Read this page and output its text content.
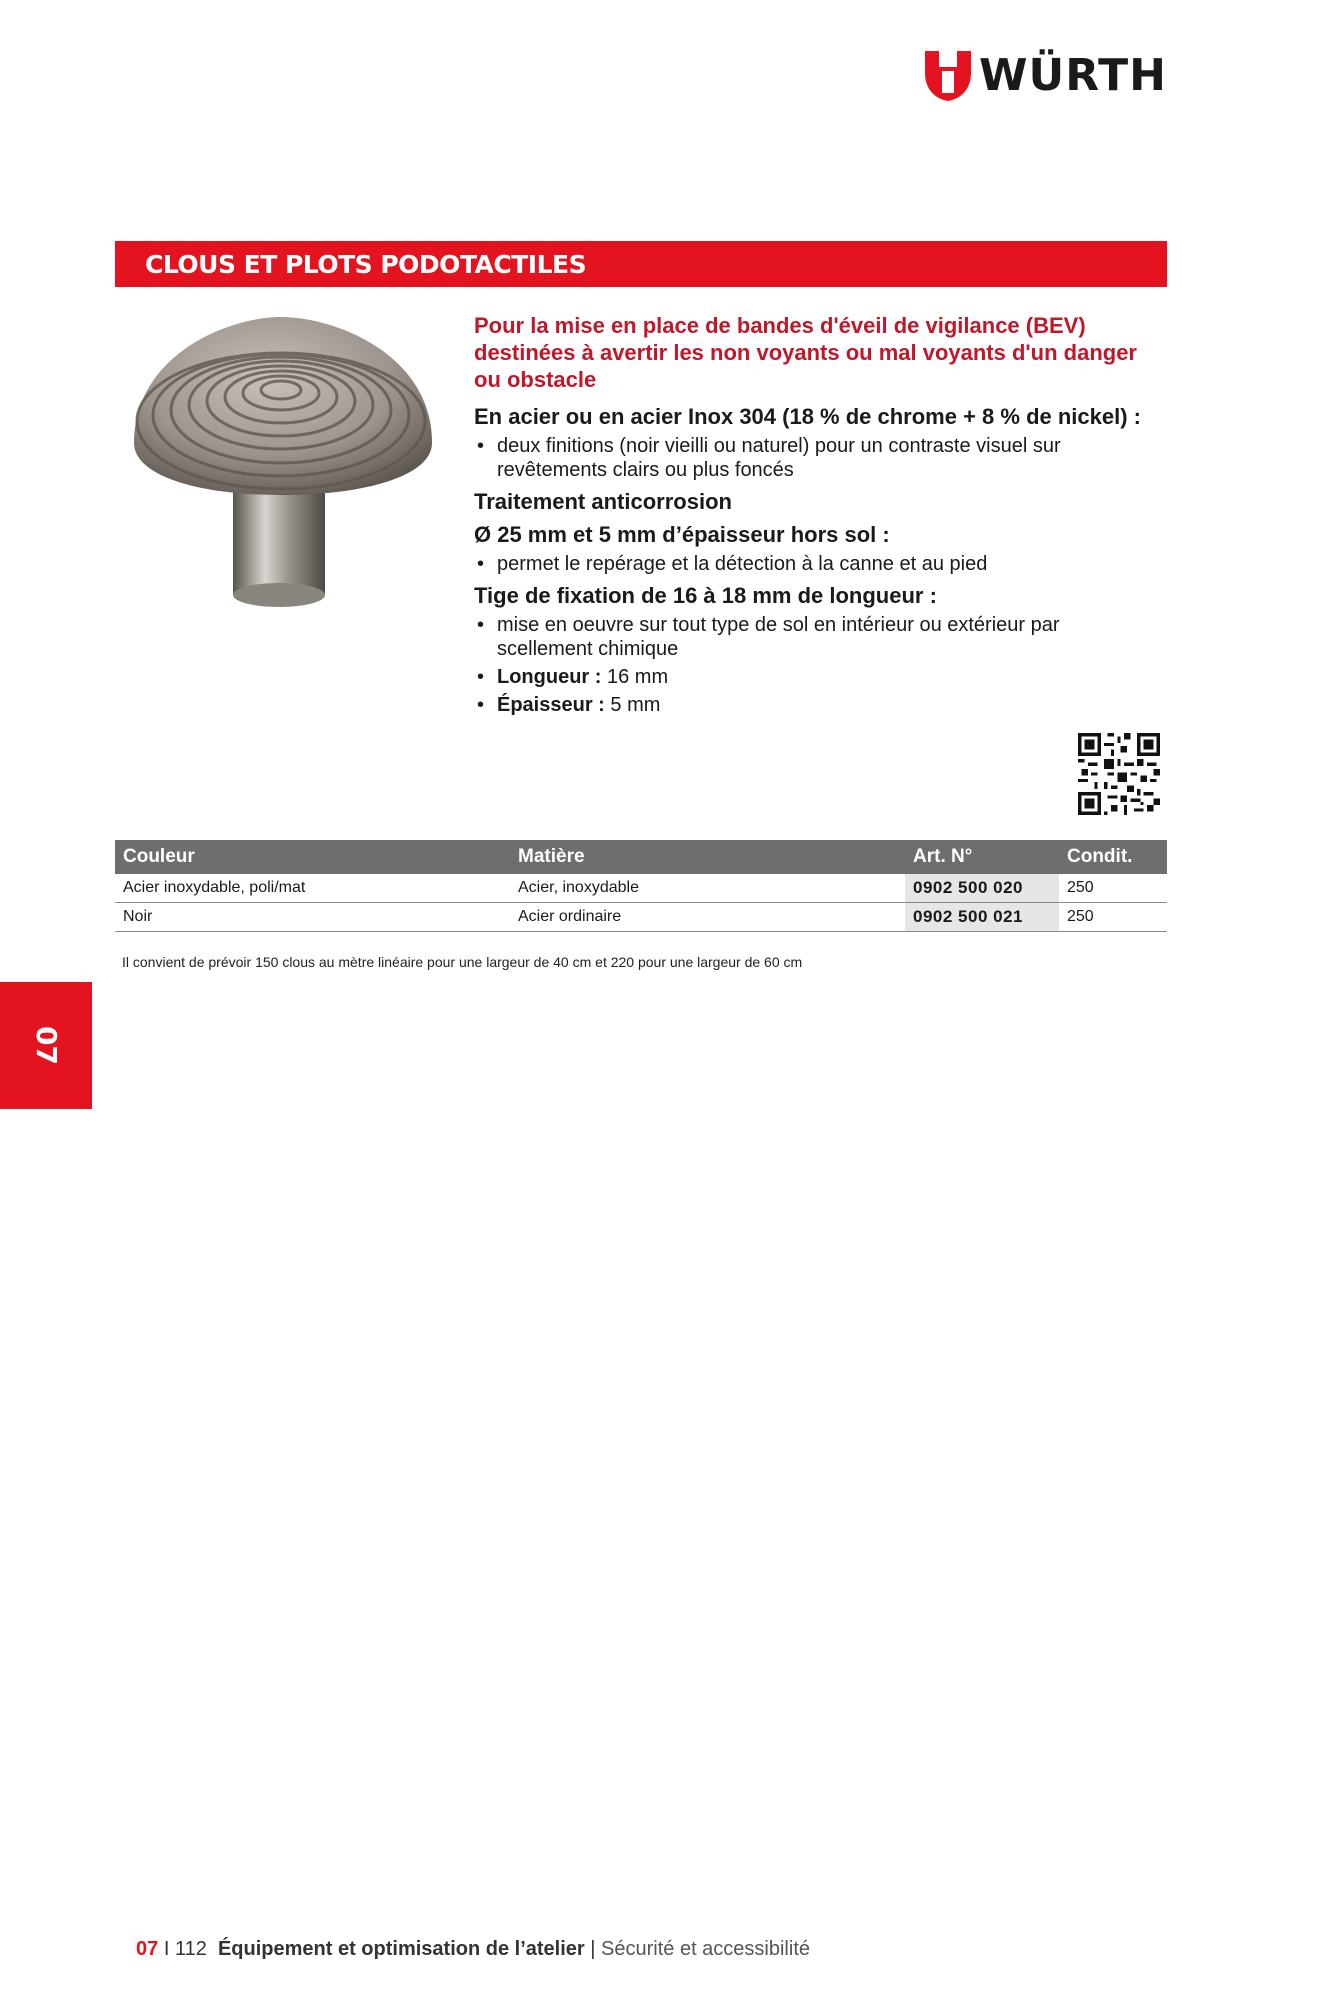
WÜRTH
CLOUS ET PLOTS PODOTACTILES

Pour la mise en place de bandes d'éveil de vigilance (BEV) destinées à avertir les non voyants ou mal voyants d'un danger ou obstacle

En acier ou en acier Inox 304 (18 % de chrome + 8 % de nickel) :
• deux finitions (noir vieilli ou naturel) pour un contraste visuel sur revêtements clairs ou plus foncés
Traitement anticorrosion
Ø 25 mm et 5 mm d’épaisseur hors sol :
• permet le repérage et la détection à la canne et au pied
Tige de fixation de 16 à 18 mm de longueur :
• mise en oeuvre sur tout type de sol en intérieur ou extérieur par scellement chimique
• Longueur : 16 mm
• Épaisseur : 5 mm
Couleur	Matière	Art. N°	Condit.
Acier inoxydable, poli/mat	Acier, inoxydable	0902 500 020	250
Noir	Acier ordinaire	0902 500 021	250
Il convient de prévoir 150 clous au mètre linéaire pour une largeur de 40 cm et 220 pour une largeur de 60 cm
07
07 I 112 Équipement et optimisation de l’atelier | Sécurité et accessibilité
